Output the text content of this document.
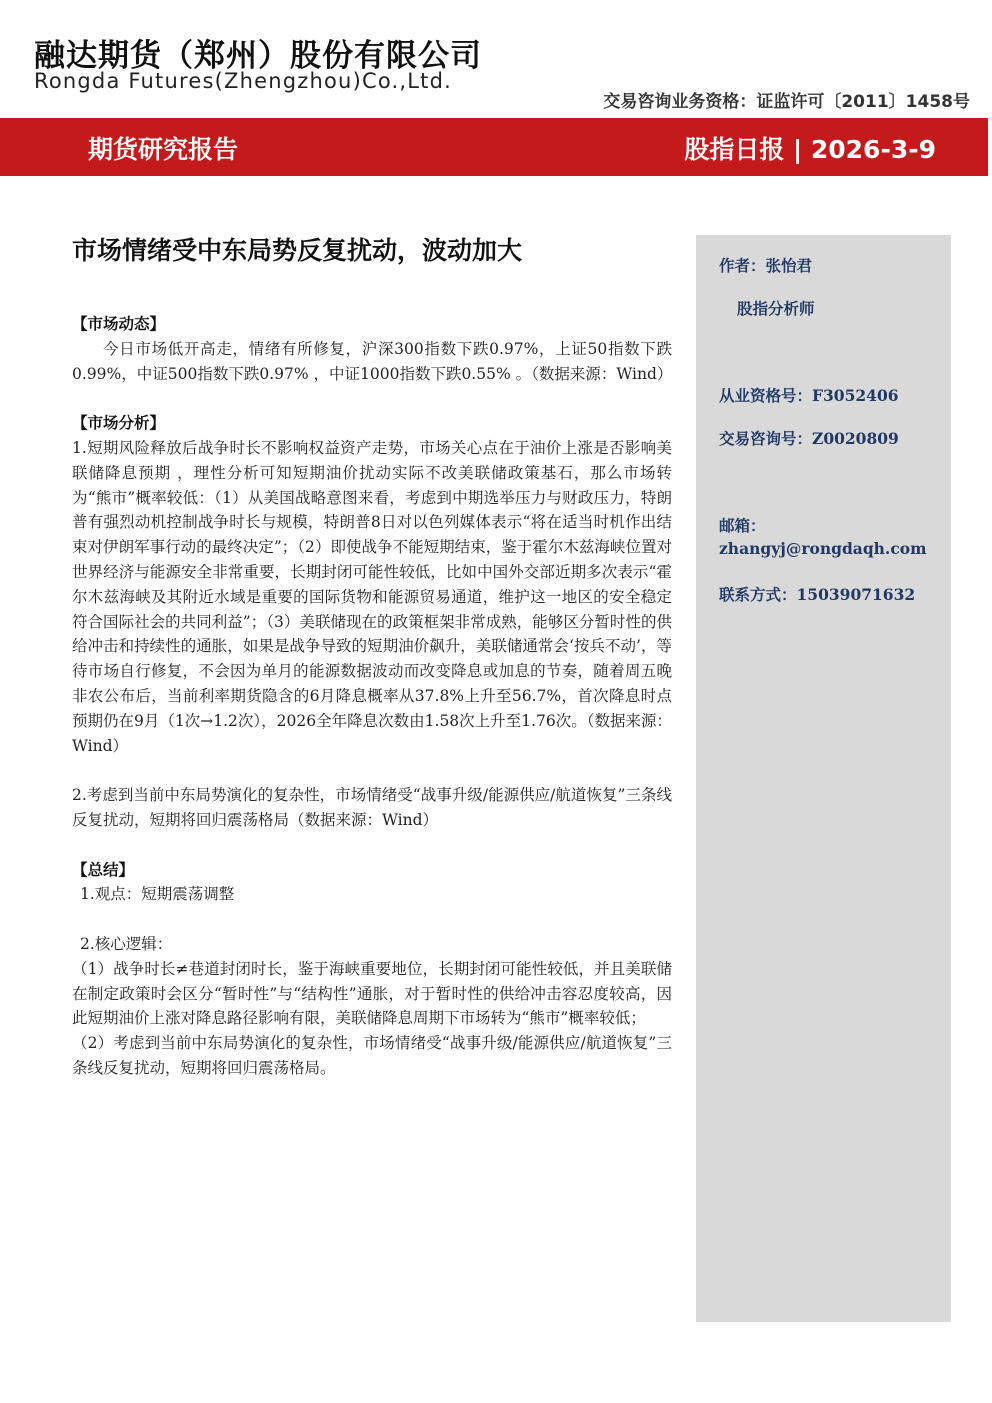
融达期货（郑州）股份有限公司
Rongda Futures(Zhengzhou)Co.,Ltd.
交易咨询业务资格：证监许可〔2011〕1458号
期货研究报告	股指日报 | 2026-3-9
作者：张怡君
股指分析师
从业资格号：F3052406
交易咨询号：Z0020809
邮箱：
zhangyj@rongdaqh.com
联系方式：15039071632
市场情绪受中东局势反复扰动，波动加大

【市场动态】

今日市场低开高走，情绪有所修复，沪深300指数下跌0.97%，上证50指数下跌0.99%，中证500指数下跌0.97% ，中证1000指数下跌0.55% 。（数据来源：Wind）

【市场分析】

1.短期风险释放后战争时长不影响权益资产走势，市场关心点在于油价上涨是否影响美联储降息预期 ，理性分析可知短期油价扰动实际不改美联储政策基石，那么市场转为“熊市”概率较低：（1）从美国战略意图来看，考虑到中期选举压力与财政压力，特朗普有强烈动机控制战争时长与规模，特朗普8日对以色列媒体表示“将在适当时机作出结束对伊朗军事行动的最终决定”；（2）即使战争不能短期结束，鉴于霍尔木兹海峡位置对世界经济与能源安全非常重要，长期封闭可能性较低，比如中国外交部近期多次表示“霍尔木兹海峡及其附近水域是重要的国际货物和能源贸易通道，维护这一地区的安全稳定符合国际社会的共同利益”；（3）美联储现在的政策框架非常成熟，能够区分暂时性的供给冲击和持续性的通胀，如果是战争导致的短期油价飙升，美联储通常会‘按兵不动’，等待市场自行修复，不会因为单月的能源数据波动而改变降息或加息的节奏，随着周五晚非农公布后，当前利率期货隐含的6月降息概率从37.8%上升至56.7%，首次降息时点预期仍在9月（1次→1.2次），2026全年降息次数由1.58次上升至1.76次。（数据来源：Wind）

2.考虑到当前中东局势演化的复杂性，市场情绪受“战事升级/能源供应/航道恢复”三条线反复扰动，短期将回归震荡格局（数据来源：Wind）

【总结】

1.观点：短期震荡调整

2.核心逻辑：

（1）战争时长≠巷道封闭时长，鉴于海峡重要地位，长期封闭可能性较低，并且美联储在制定政策时会区分“暂时性”与“结构性”通胀，对于暂时性的供给冲击容忍度较高，因此短期油价上涨对降息路径影响有限，美联储降息周期下市场转为“熊市”概率较低；

（2）考虑到当前中东局势演化的复杂性，市场情绪受“战事升级/能源供应/航道恢复”三条线反复扰动，短期将回归震荡格局。
